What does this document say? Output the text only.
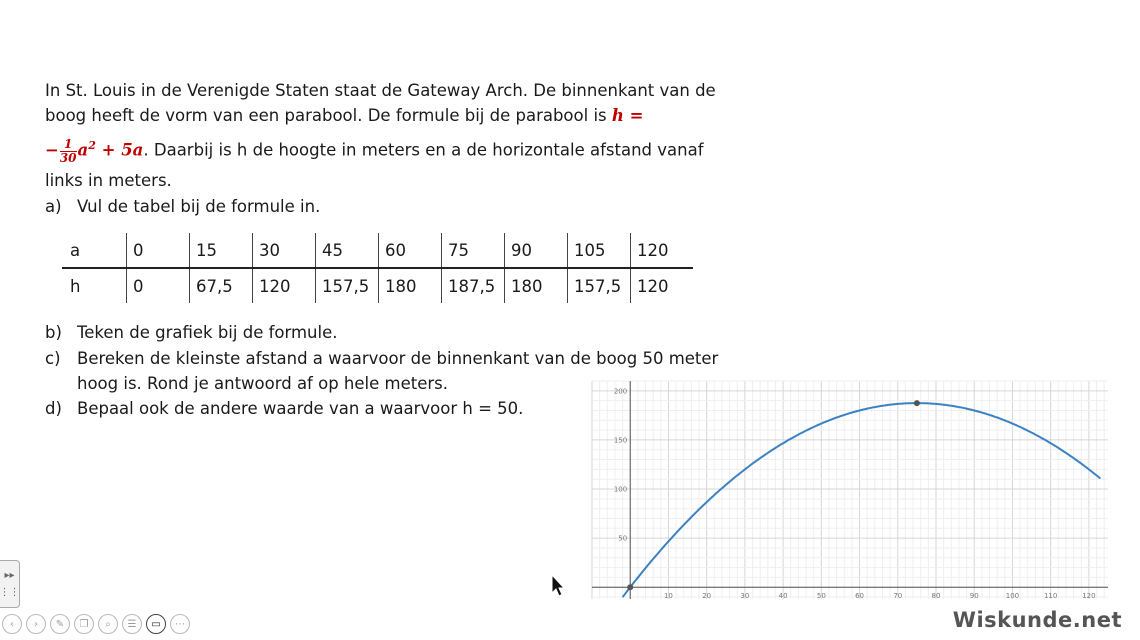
In St. Louis in de Verenigde Staten staat de Gateway Arch. De binnenkant van de
boog heeft de vorm van een parabool. De formule bij de parabool is h =
− $\frac{1}{30} a^2 + 5a$. Daarbij is h de hoogte in meters en a de horizontale afstand vanaf
links in meters.
a) Vul de tabel bij de formule in.
a	0	15	30	45	60	75	90	105	120
h	0	67,5	120	157,5	180	187,5	180	157,5	120
b) Teken de grafiek bij de formule.
c) Bereken de kleinste afstand a waarvoor de binnenkant van de boog 50 meter
hoog is. Rond je antwoord af op hele meters.
d) Bepaal ook de andere waarde van a waarvoor h = 50.
10	20	30	40	50	60	70	80	90	100	110	120
50
100
150
200
▸▸
⋮⋮
‹	›	✎	❐	⌕	☰	▭	⋯	Wiskunde.net
